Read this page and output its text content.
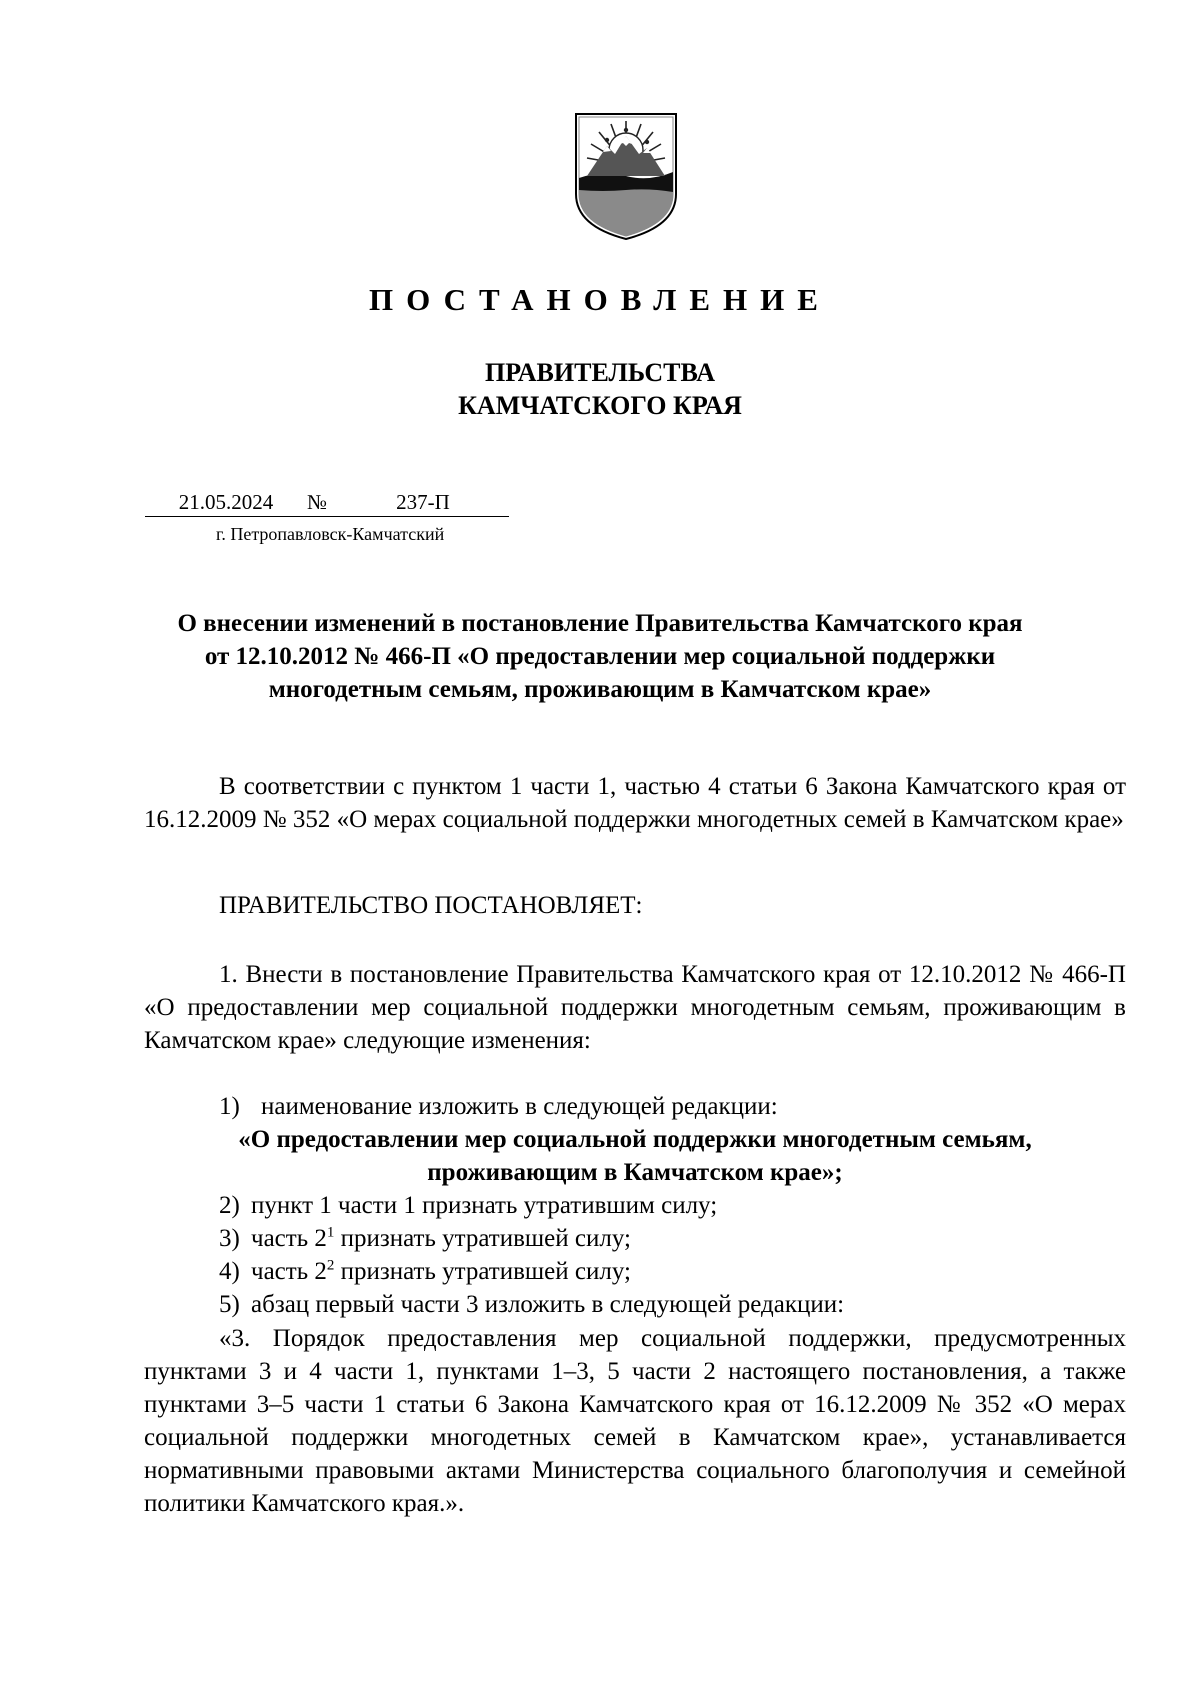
ПОСТАНОВЛЕНИЕ
ПРАВИТЕЛЬСТВА
КАМЧАТСКОГО КРАЯ
21.05.2024	№	237-П
г. Петропавловск-Камчатский
О внесении изменений в постановление Правительства Камчатского края
от 12.10.2012 № 466-П «О предоставлении мер социальной поддержки
многодетным семьям, проживающим в Камчатском крае»
В соответствии с пунктом 1 части 1, частью 4 статьи 6 Закона Камчатского края от 16.12.2009 № 352 «О мерах социальной поддержки многодетных семей в Камчатском крае»
ПРАВИТЕЛЬСТВО ПОСТАНОВЛЯЕТ:
1. Внести в постановление Правительства Камчатского края от 12.10.2012 № 466-П «О предоставлении мер социальной поддержки многодетным семьям, проживающим в Камчатском крае» следующие изменения:
1) наименование изложить в следующей редакции:
«О предоставлении мер социальной поддержки многодетным семьям,
проживающим в Камчатском крае»;
2) пункт 1 части 1 признать утратившим силу;
3) часть $2^1$ признать утратившей силу;
4) часть $2^2$ признать утратившей силу;
5) абзац первый части 3 изложить в следующей редакции:
«3. Порядок предоставления мер социальной поддержки, предусмотренных пунктами 3 и 4 части 1, пунктами 1–3, 5 части 2 настоящего постановления, а также пунктами 3–5 части 1 статьи 6 Закона Камчатского края от 16.12.2009 № 352 «О мерах социальной поддержки многодетных семей в Камчатском крае», устанавливается нормативными правовыми актами Министерства социального благополучия и семейной политики Камчатского края.».
